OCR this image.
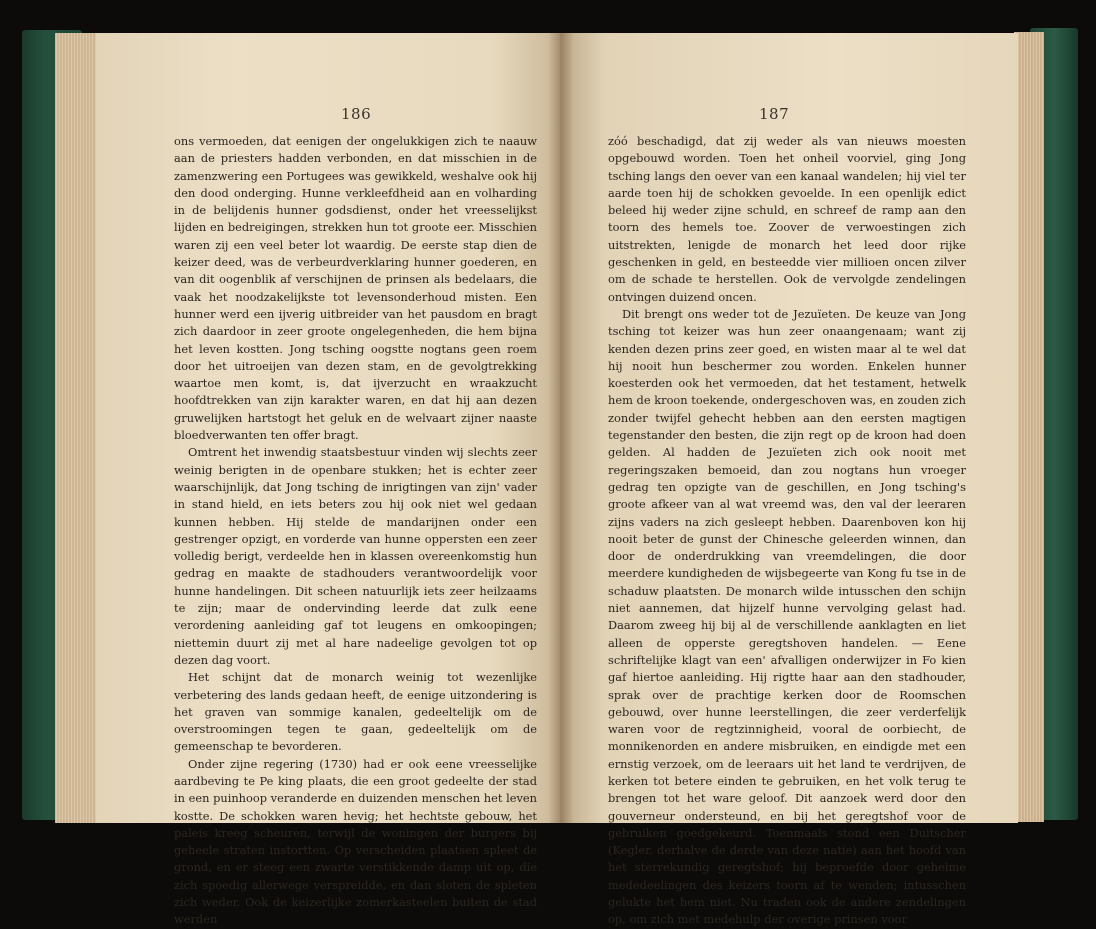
186

ons vermoeden, dat eenigen der ongelukkigen zich te naauw aan de priesters hadden verbonden, en dat misschien in de zamenzwering een Portugees was gewikkeld, weshalve ook hij den dood onderging. Hunne verkleefdheid aan en volharding in de belijdenis hunner godsdienst, onder het vreesselijkst lijden en bedreigingen, strekken hun tot groote eer. Misschien waren zij een veel beter lot waardig. De eerste stap dien de keizer deed, was de verbeurdverklaring hunner goederen, en van dit oogenblik af verschijnen de prinsen als bedelaars, die vaak het noodzakelijkste tot levensonderhoud misten. Een hunner werd een ijverig uitbreider van het pausdom en bragt zich daardoor in zeer groote ongelegenheden, die hem bijna het leven kostten. Jong tsching oogstte nogtans geen roem door het uitroeijen van dezen stam, en de gevolgtrekking waartoe men komt, is, dat ijverzucht en wraakzucht hoofdtrekken van zijn karakter waren, en dat hij aan dezen gruwelijken hartstogt het geluk en de welvaart zijner naaste bloedverwanten ten offer bragt.

Omtrent het inwendig staatsbestuur vinden wij slechts zeer weinig berigten in de openbare stukken; het is echter zeer waarschijnlijk, dat Jong tsching de inrigtingen van zijn' vader in stand hield, en iets beters zou hij ook niet wel gedaan kunnen hebben. Hij stelde de mandarijnen onder een gestrenger opzigt, en vorderde van hunne oppersten een zeer volledig berigt, verdeelde hen in klassen overeenkomstig hun gedrag en maakte de stadhouders verantwoordelijk voor hunne handelingen. Dit scheen natuurlijk iets zeer heilzaams te zijn; maar de ondervinding leerde dat zulk eene verordening aanleiding gaf tot leugens en omkoopingen; niettemin duurt zij met al hare nadeelige gevolgen tot op dezen dag voort.

Het schijnt dat de monarch weinig tot wezenlijke verbetering des lands gedaan heeft, de eenige uitzondering is het graven van sommige kanalen, gedeeltelijk om de overstroomingen tegen te gaan, gedeeltelijk om de gemeenschap te bevorderen.

Onder zijne regering (1730) had er ook eene vreesselijke aardbeving te Pe king plaats, die een groot gedeelte der stad in een puinhoop veranderde en duizenden menschen het leven kostte. De schokken waren hevig; het hechtste gebouw, het paleis kreeg scheuren, terwijl de woningen der burgers bij geheele straten instortten. Op verscheiden plaatsen spleet de grond, en er steeg een zwarte verstikkende damp uit op, die zich spoedig allerwege verspreidde, en dan sloten de spleten zich weder. Ook de keizerlijke zomerkasteelen buiten de stad werden

187

zóó beschadigd, dat zij weder als van nieuws moesten opgebouwd worden. Toen het onheil voorviel, ging Jong tsching langs den oever van een kanaal wandelen; hij viel ter aarde toen hij de schokken gevoelde. In een openlijk edict beleed hij weder zijne schuld, en schreef de ramp aan den toorn des hemels toe. Zoover de verwoestingen zich uitstrekten, lenigde de monarch het leed door rijke geschenken in geld, en besteedde vier millioen oncen zilver om de schade te herstellen. Ook de vervolgde zendelingen ontvingen duizend oncen.

Dit brengt ons weder tot de Jezuïeten. De keuze van Jong tsching tot keizer was hun zeer onaangenaam; want zij kenden dezen prins zeer goed, en wisten maar al te wel dat hij nooit hun beschermer zou worden. Enkelen hunner koesterden ook het vermoeden, dat het testament, hetwelk hem de kroon toekende, ondergeschoven was, en zouden zich zonder twijfel gehecht hebben aan den eersten magtigen tegenstander den besten, die zijn regt op de kroon had doen gelden. Al hadden de Jezuïeten zich ook nooit met regeringszaken bemoeid, dan zou nogtans hun vroeger gedrag ten opzigte van de geschillen, en Jong tsching's groote afkeer van al wat vreemd was, den val der leeraren zijns vaders na zich gesleept hebben. Daarenboven kon hij nooit beter de gunst der Chinesche geleerden winnen, dan door de onderdrukking van vreemdelingen, die door meerdere kundigheden de wijsbegeerte van Kong fu tse in de schaduw plaatsten. De monarch wilde intusschen den schijn niet aannemen, dat hijzelf hunne vervolging gelast had. Daarom zweeg hij bij al de verschillende aanklagten en liet alleen de opperste geregtshoven handelen. — Eene schriftelijke klagt van een' afvalligen onderwijzer in Fo kien gaf hiertoe aanleiding. Hij rigtte haar aan den stadhouder, sprak over de prachtige kerken door de Roomschen gebouwd, over hunne leerstellingen, die zeer verderfelijk waren voor de regtzinnigheid, vooral de oorbiecht, de monnikenorden en andere misbruiken, en eindigde met een ernstig verzoek, om de leeraars uit het land te verdrijven, de kerken tot betere einden te gebruiken, en het volk terug te brengen tot het ware geloof. Dit aanzoek werd door den gouverneur ondersteund, en bij het geregtshof voor de gebruiken goedgekeurd. Toenmaals stond een Duitscher (Kegler, derhalve de derde van deze natie) aan het hoofd van het sterrekundig geregtshof; hij beproefde door geheime mededeelingen des keizers toorn af te wenden; intusschen gelukte het hem niet. Nu traden ook de andere zendelingen op, om zich met medehulp der overige prinsen voor
